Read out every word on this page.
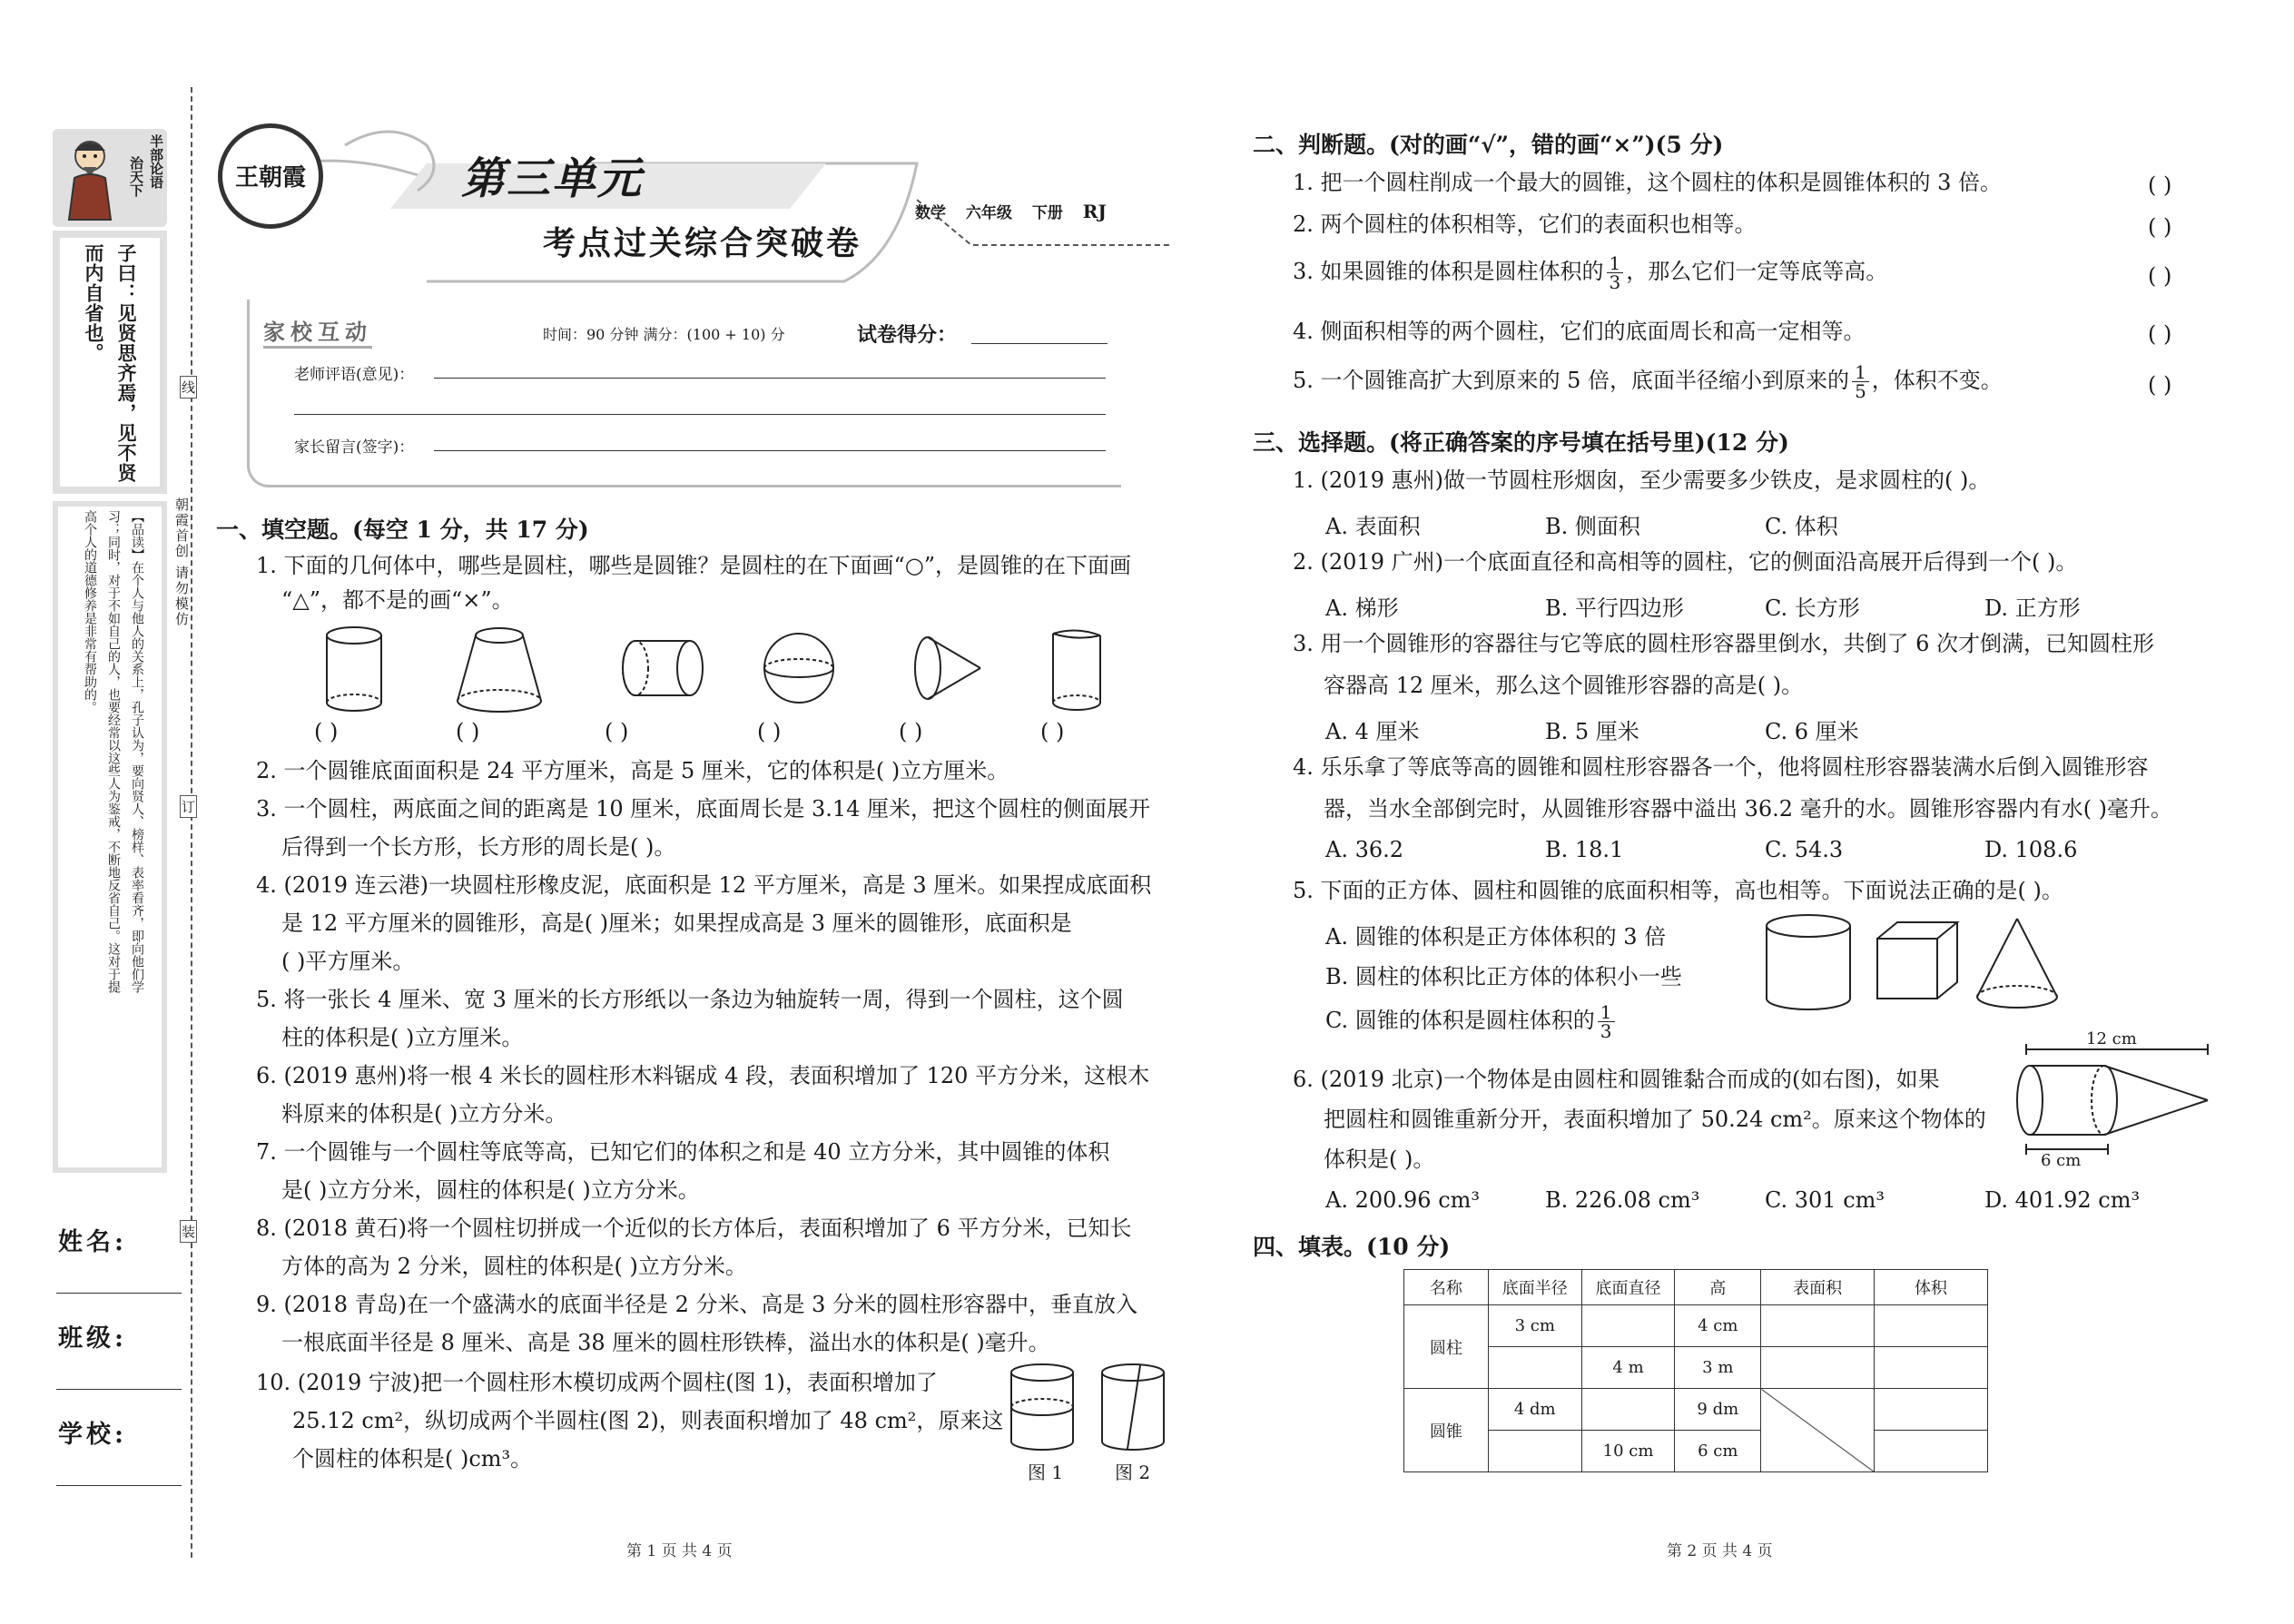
半部论语
治天下
子曰：见贤思齐焉，见不贤
而内自省也。
【品读】在个人与他人的关系上，孔子认为，要向贤人、榜样、表率看齐，即向他们学
习；同时，对于不如自己的人，也要经常以这些人为鉴戒，不断地反省自己。这对于提
高个人的道德修养是非常有帮助的。
姓名:
班级:
学校:
朝霞首创 请勿模仿
线
订
装
王朝霞	第三单元
考点过关综合突破卷
数学 六年级 下册 RJ
家校互动	时间：90 分钟 满分：(100 + 10) 分	试卷得分：
老师评语(意见)：
家长留言(签字)：
一、填空题。(每空 1 分，共 17 分)
1. 下面的几何体中，哪些是圆柱，哪些是圆锥？是圆柱的在下面画“○”，是圆锥的在下面画
“△”，都不是的画“×”。
( )	( )	( )	( )	( )	( )
2. 一个圆锥底面面积是 24 平方厘米，高是 5 厘米，它的体积是( )立方厘米。
3. 一个圆柱，两底面之间的距离是 10 厘米，底面周长是 3.14 厘米，把这个圆柱的侧面展开
后得到一个长方形，长方形的周长是( )。
4. (2019 连云港)一块圆柱形橡皮泥，底面积是 12 平方厘米，高是 3 厘米。如果捏成底面积
是 12 平方厘米的圆锥形，高是( )厘米；如果捏成高是 3 厘米的圆锥形，底面积是
( )平方厘米。
5. 将一张长 4 厘米、宽 3 厘米的长方形纸以一条边为轴旋转一周，得到一个圆柱，这个圆
柱的体积是( )立方厘米。
6. (2019 惠州)将一根 4 米长的圆柱形木料锯成 4 段，表面积增加了 120 平方分米，这根木
料原来的体积是( )立方分米。
7. 一个圆锥与一个圆柱等底等高，已知它们的体积之和是 40 立方分米，其中圆锥的体积
是( )立方分米，圆柱的体积是( )立方分米。
8. (2018 黄石)将一个圆柱切拼成一个近似的长方体后，表面积增加了 6 平方分米，已知长
方体的高为 2 分米，圆柱的体积是( )立方分米。
9. (2018 青岛)在一个盛满水的底面半径是 2 分米、高是 3 分米的圆柱形容器中，垂直放入
一根底面半径是 8 厘米、高是 38 厘米的圆柱形铁棒，溢出水的体积是( )毫升。
10. (2019 宁波)把一个圆柱形木模切成两个圆柱(图 1)，表面积增加了
25.12 cm²，纵切成两个半圆柱(图 2)，则表面积增加了 48 cm²，原来这
个圆柱的体积是( )cm³。
图 1	图 2
第 1 页 共 4 页
二、判断题。(对的画“√”，错的画“×”)(5 分)
1. 把一个圆柱削成一个最大的圆锥，这个圆柱的体积是圆锥体积的 3 倍。	( )
2. 两个圆柱的体积相等，它们的表面积也相等。	( )
3. 如果圆锥的体积是圆柱体积的 $\frac{1}{3}$ ，那么它们一定等底等高。	( )
4. 侧面积相等的两个圆柱，它们的底面周长和高一定相等。	( )
5. 一个圆锥高扩大到原来的 5 倍，底面半径缩小到原来的 $\frac{1}{5}$ ，体积不变。	( )
三、选择题。(将正确答案的序号填在括号里)(12 分)
1. (2019 惠州)做一节圆柱形烟囱，至少需要多少铁皮，是求圆柱的( )。
A. 表面积	B. 侧面积	C. 体积
2. (2019 广州)一个底面直径和高相等的圆柱，它的侧面沿高展开后得到一个( )。
A. 梯形	B. 平行四边形	C. 长方形	D. 正方形
3. 用一个圆锥形的容器往与它等底的圆柱形容器里倒水，共倒了 6 次才倒满，已知圆柱形
容器高 12 厘米，那么这个圆锥形容器的高是( )。
A. 4 厘米	B. 5 厘米	C. 6 厘米
4. 乐乐拿了等底等高的圆锥和圆柱形容器各一个，他将圆柱形容器装满水后倒入圆锥形容
器，当水全部倒完时，从圆锥形容器中溢出 36.2 毫升的水。圆锥形容器内有水( )毫升。
A. 36.2	B. 18.1	C. 54.3	D. 108.6
5. 下面的正方体、圆柱和圆锥的底面积相等，高也相等。下面说法正确的是( )。
A. 圆锥的体积是正方体体积的 3 倍
B. 圆柱的体积比正方体的体积小一些
C. 圆锥的体积是圆柱体积的 $\frac{1}{3}$
6. (2019 北京)一个物体是由圆柱和圆锥黏合而成的(如右图)，如果
把圆柱和圆锥重新分开，表面积增加了 50.24 cm²。原来这个物体的
体积是( )。
12 cm
6 cm
A. 200.96 cm³	B. 226.08 cm³	C. 301 cm³	D. 401.92 cm³
四、填表。(10 分)
名称	底面半径	底面直径	高	表面积	体积
圆柱	3 cm		4 cm		
		4 m	3 m		
圆锥	4 dm		9 dm		
		10 cm	6 cm		
第 2 页 共 4 页
